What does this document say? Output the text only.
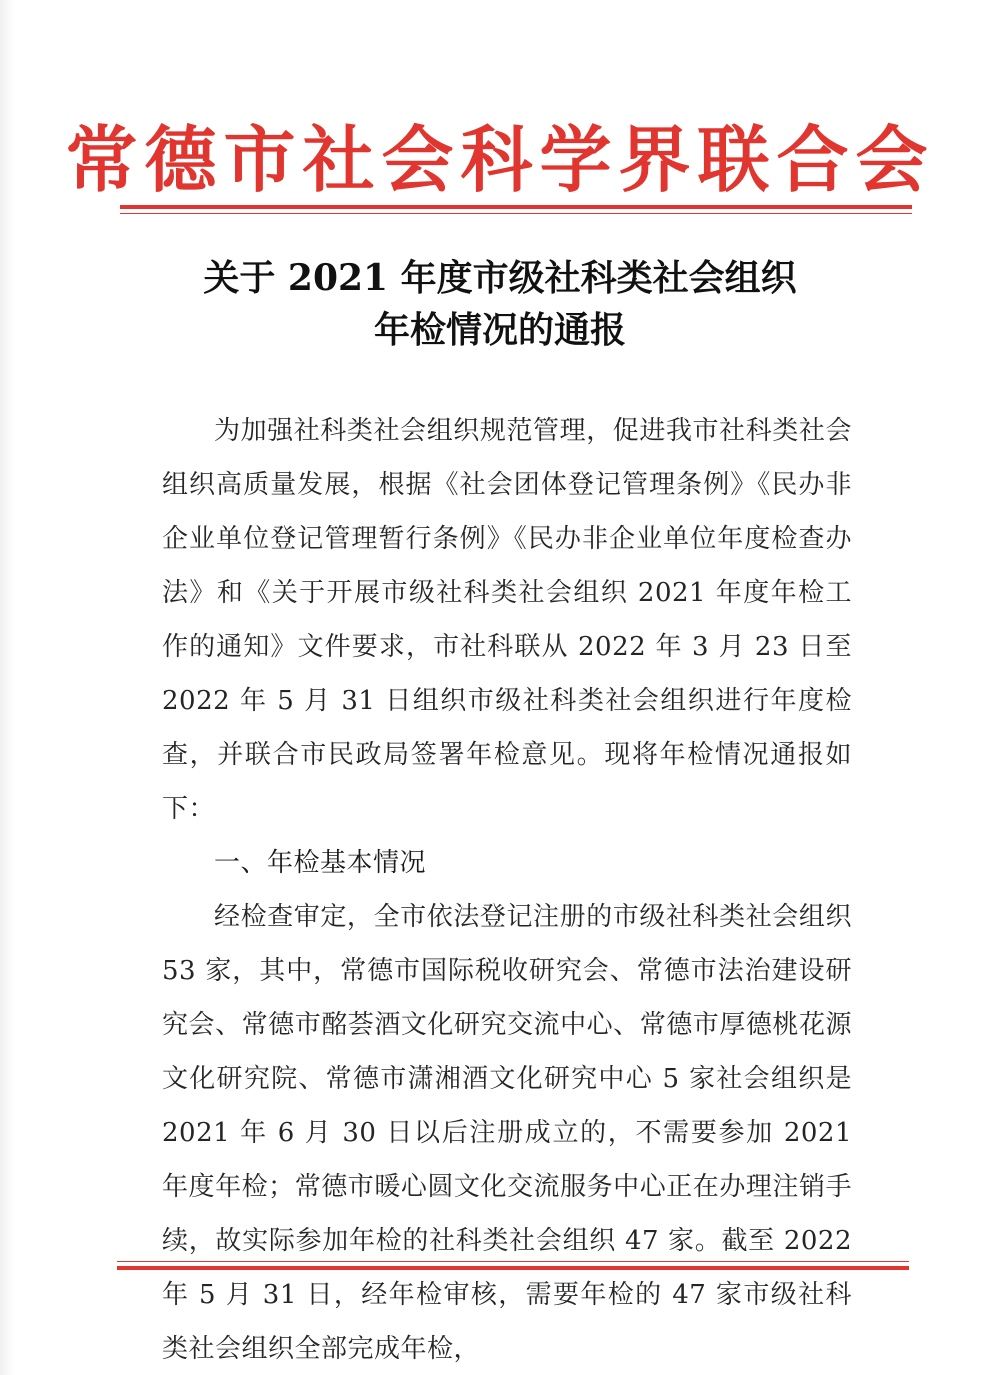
常德市社会科学界联合会
关于 2021 年度市级社科类社会组织
年检情况的通报

为加强社科类社会组织规范管理，促进我市社科类社会组织高质量发展，根据《社会团体登记管理条例》《民办非企业单位登记管理暂行条例》《民办非企业单位年度检查办法》和《关于开展市级社科类社会组织 2021 年度年检工作的通知》文件要求，市社科联从 2022 年 3 月 23 日至 2022 年 5 月 31 日组织市级社科类社会组织进行年度检查，并联合市民政局签署年检意见。现将年检情况通报如下：

一、年检基本情况

经检查审定，全市依法登记注册的市级社科类社会组织 53 家，其中，常德市国际税收研究会、常德市法治建设研究会、常德市酩荟酒文化研究交流中心、常德市厚德桃花源文化研究院、常德市潇湘酒文化研究中心 5 家社会组织是 2021 年 6 月 30 日以后注册成立的，不需要参加 2021 年度年检；常德市暖心圆文化交流服务中心正在办理注销手续，故实际参加年检的社科类社会组织 47 家。截至 2022 年 5 月 31 日，经年检审核，需要年检的 47 家市级社科类社会组织全部完成年检，
